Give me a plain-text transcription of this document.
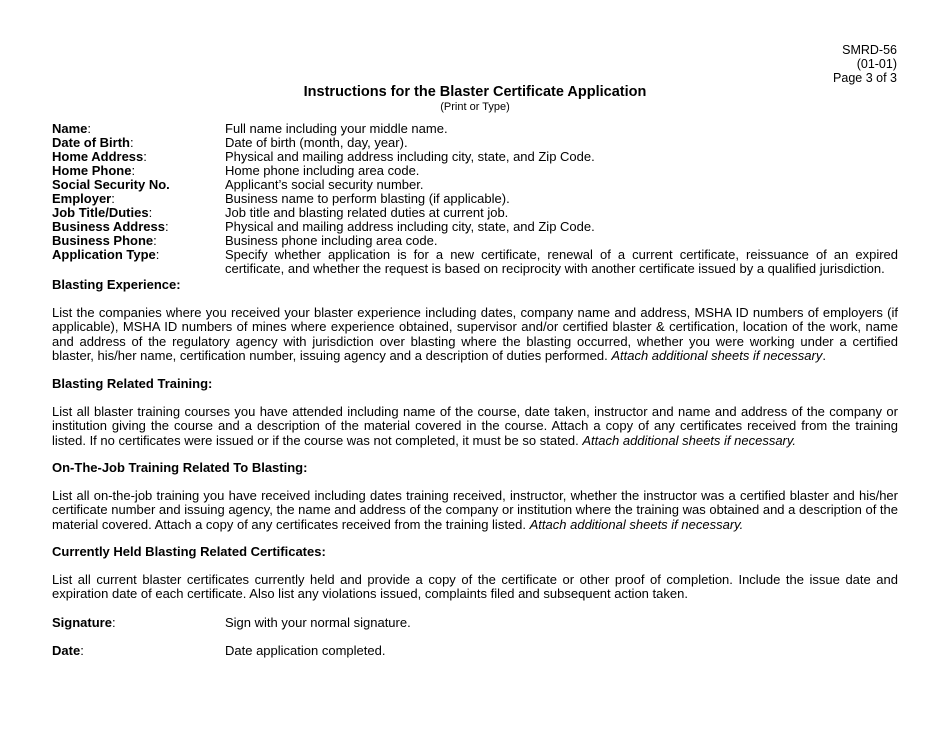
SMRD-56
(01-01)
Page 3 of 3
Instructions for the Blaster Certificate Application
(Print or Type)
Name:	Full name including your middle name.
Date of Birth:	Date of birth (month, day, year).
Home Address:	Physical and mailing address including city, state, and Zip Code.
Home Phone:	Home phone including area code.
Social Security No.	Applicant’s social security number.
Employer:	Business name to perform blasting (if applicable).
Job Title/Duties:	Job title and blasting related duties at current job.
Business Address:	Physical and mailing address including city, state, and Zip Code.
Business Phone:	Business phone including area code.
Application Type:	Specify whether application is for a new certificate, renewal of a current certificate, reissuance of an expired certificate, and whether the request is based on reciprocity with another certificate issued by a qualified jurisdiction.
Blasting Experience:
List the companies where you received your blaster experience including dates, company name and address, MSHA ID numbers of employers (if applicable), MSHA ID numbers of mines where experience obtained, supervisor and/or certified blaster & certification, location of the work, name and address of the regulatory agency with jurisdiction over blasting where the blasting occurred, whether you were working under a certified blaster, his/her name, certification number, issuing agency and a description of duties performed. Attach additional sheets if necessary.
Blasting Related Training:
List all blaster training courses you have attended including name of the course, date taken, instructor and name and address of the company or institution giving the course and a description of the material covered in the course. Attach a copy of any certificates received from the training listed. If no certificates were issued or if the course was not completed, it must be so stated. Attach additional sheets if necessary.
On-The-Job Training Related To Blasting:
List all on-the-job training you have received including dates training received, instructor, whether the instructor was a certified blaster and his/her certificate number and issuing agency, the name and address of the company or institution where the training was obtained and a description of the material covered. Attach a copy of any certificates received from the training listed. Attach additional sheets if necessary.
Currently Held Blasting Related Certificates:
List all current blaster certificates currently held and provide a copy of the certificate or other proof of completion. Include the issue date and expiration date of each certificate. Also list any violations issued, complaints filed and subsequent action taken.
Signature:	Sign with your normal signature.
Date:	Date application completed.
